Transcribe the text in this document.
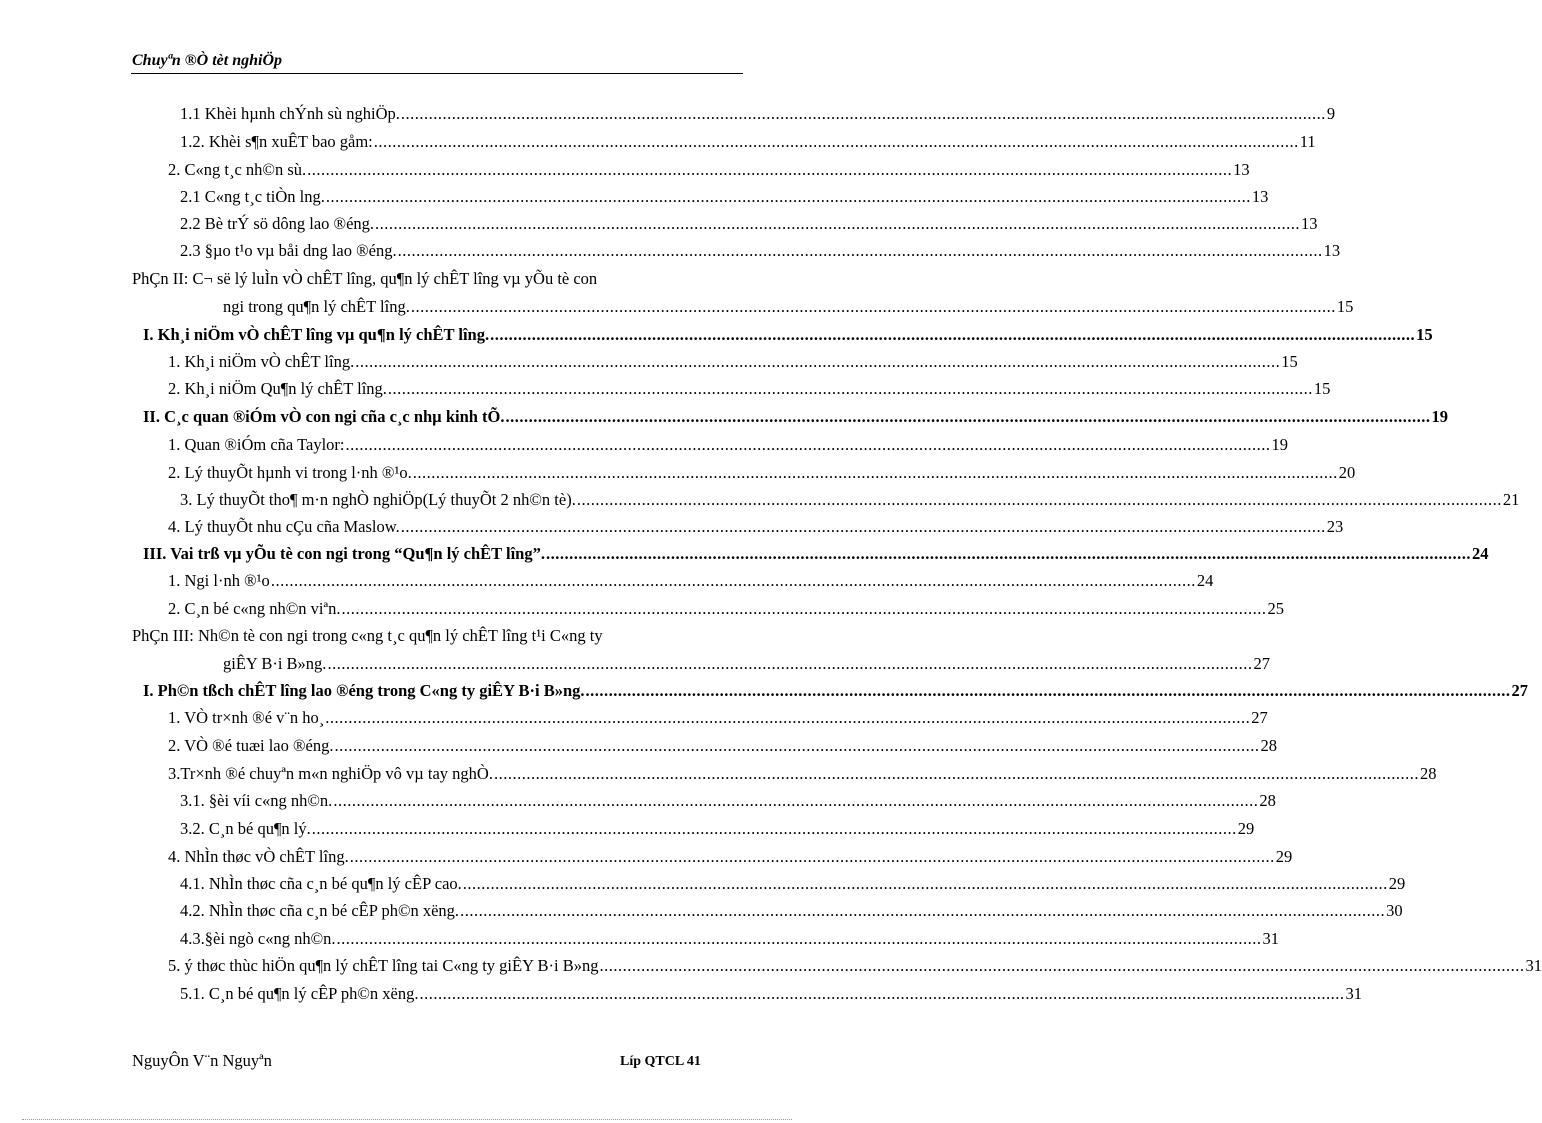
Chuyªn ®Ò tèt nghiÖp
1.1 Khèi hµnh chÝnh sù nghiÖp. ........................................................................................................................................................................................................ 9
1.2. Khèi s¶n xuÊT bao gåm: ........................................................................................................................................................................................................ 11
2. C«ng t¸c nh©n sù. ........................................................................................................................................................................................................ 13
2.1 C«ng t¸c tiÒn lng. ........................................................................................................................................................................................................ 13
2.2 Bè trÝ sö dông lao ®éng. ........................................................................................................................................................................................................ 13
2.3 §µo t¹o vµ båi dng lao ®éng. ........................................................................................................................................................................................................ 13
PhÇn II: C¬ së lý luÌn vÒ chÊT lîng, qu¶n lý chÊT lîng vµ yÕu tè con
ngi trong qu¶n lý chÊT lîng. ........................................................................................................................................................................................................ 15
I. Kh¸i niÖm vÒ chÊT lîng vµ qu¶n lý chÊT lîng. ........................................................................................................................................................................................................ 15
1. Kh¸i niÖm vÒ chÊT lîng. ........................................................................................................................................................................................................ 15
2. Kh¸i niÖm Qu¶n lý chÊT lîng. ........................................................................................................................................................................................................ 15
II. C¸c quan ®iÓm vÒ con ngi cña c¸c nhµ kinh tÕ. ........................................................................................................................................................................................................ 19
1. Quan ®iÓm cña Taylor: ........................................................................................................................................................................................................ 19
2. Lý thuyÕt hµnh vi trong l·nh ®¹o. ........................................................................................................................................................................................................ 20
3. Lý thuyÕt tho¶ m·n nghÒ nghiÖp(Lý thuyÕt 2 nh©n tè). ........................................................................................................................................................................................................ 21
4. Lý thuyÕt nhu cÇu cña Maslow. ........................................................................................................................................................................................................ 23
III. Vai trß vµ yÕu tè con ngi trong “Qu¶n lý chÊT lîng”. ........................................................................................................................................................................................................ 24
1. Ngi l·nh ®¹o ........................................................................................................................................................................................................ 24
2. C¸n bé c«ng nh©n viªn. ........................................................................................................................................................................................................ 25
PhÇn III: Nh©n tè con ngi trong c«ng t¸c qu¶n lý chÊT lîng t¹i C«ng ty
giÊY B·i B»ng. ........................................................................................................................................................................................................ 27
I. Ph©n tßch chÊT lîng lao ®éng trong C«ng ty giÊY B·i B»ng. ........................................................................................................................................................................................................ 27
1. VÒ tr×nh ®é v¨n ho¸ ........................................................................................................................................................................................................ 27
2. VÒ ®é tuæi lao ®éng. ........................................................................................................................................................................................................ 28
3.Tr×nh ®é chuyªn m«n nghiÖp vô vµ tay nghÒ. ........................................................................................................................................................................................................ 28
3.1. §èi víi c«ng nh©n. ........................................................................................................................................................................................................ 28
3.2. C¸n bé qu¶n lý. ........................................................................................................................................................................................................ 29
4. NhÌn thøc vÒ chÊT lîng. ........................................................................................................................................................................................................ 29
4.1. NhÌn thøc cña c¸n bé qu¶n lý cÊP cao. ........................................................................................................................................................................................................ 29
4.2. NhÌn thøc cña c¸n bé cÊP ph©n xëng. ........................................................................................................................................................................................................ 30
4.3.§èi ngò c«ng nh©n. ........................................................................................................................................................................................................ 31
5. ý thøc thùc hiÖn qu¶n lý chÊT lîng tai C«ng ty giÊY B·i B»ng ........................................................................................................................................................................................................ 31
5.1. C¸n bé qu¶n lý cÊP ph©n xëng. ........................................................................................................................................................................................................ 31
NguyÔn V¨n Nguyªn	Líp QTCL 41
